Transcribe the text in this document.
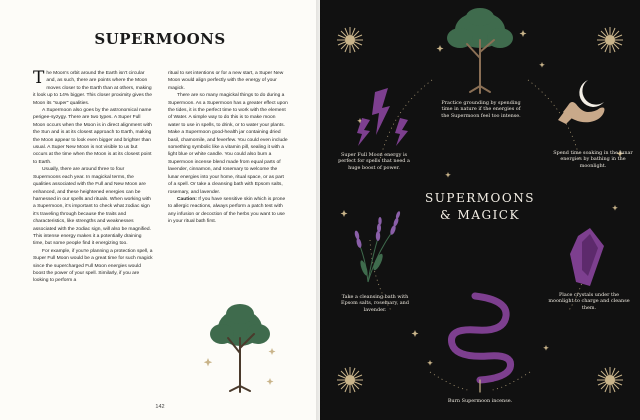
SUPERMOONS

The Moon's orbit around the Earth isn't circular and, as such, there are points where the Moon moves closer to the Earth than at others, making it look up to 14% bigger. This closer proximity gives the Moon its "super" qualities.

A Supermoon also goes by the astronomical name perigee-syzygy. There are two types. A Super Full Moon occurs when the Moon is in direct alignment with the Sun and is at its closest approach to Earth, making the Moon appear to look even bigger and brighter than usual. A Super New Moon is not visible to us but occurs at the time when the Moon is at its closest point to Earth.

Usually, there are around three to four Supermoons each year. In magickal terms, the qualities associated with the Full and New Moon are enhanced, and these heightened energies can be harnessed in our spells and rituals. When working with a Supermoon, it's important to check what zodiac sign it's traveling through because the traits and characteristics, like strengths and weaknesses associated with the zodiac sign, will also be magnified. This intense energy makes it a potentially draining time, but some people find it energizing too.

For example, if you're planning a protection spell, a Super Full Moon would be a great time for such magick since the supercharged Full Moon energies would boost the power of your spell. Similarly, if you are looking to perform a

ritual to set intentions or for a new start, a Super New Moon would align perfectly with the energy of your magick.

There are so many magickal things to do during a Supermoon. As a Supermoon has a greater effect upon the tides, it is the perfect time to work with the element of Water. A simple way to do this is to make moon water to use in spells, to drink, or to water your plants. Make a Supermoon good-health jar containing dried basil, chamomile, and feverfew. You could even include something symbolic like a vitamin pill, sealing it with a light blue or white candle. You could also burn a Supermoon incense blend made from equal parts of lavender, cinnamon, and rosemary to welcome the lunar energies into your home, ritual space, or as part of a spell. Or take a cleansing bath with Epsom salts, rosemary, and lavender.

Caution: If you have sensitive skin which is prone to allergic reactions, always perform a patch test with any infusion or decoction of the herbs you want to use in your ritual bath first.

142
SUPERMOONS
& MAGICK

Practice grounding by spending time in nature if the energies of the Supermoon feel too intense.

Super Full Moon energy is perfect for spells that need a huge boost of power.

Spend time soaking in the lunar energies by bathing in the moonlight.

Take a cleansing bath with Epsom salts, rosemary, and lavender.

Place crystals under the moonlight to charge and cleanse them.

Burn Supermoon incense.
